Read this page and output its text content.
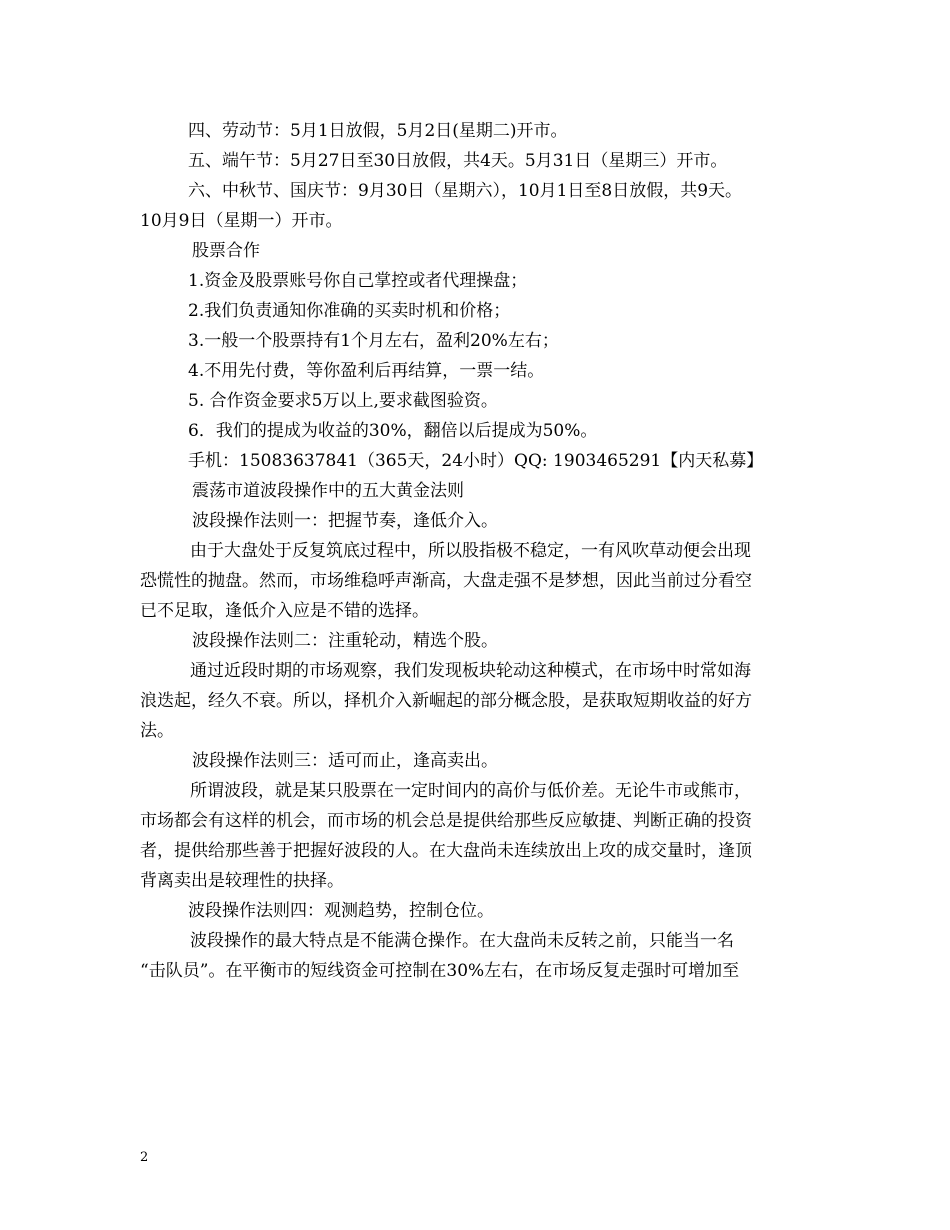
四、劳动节：5月1日放假，5月2日(星期二)开市。
五、端午节：5月27日至30日放假，共4天。5月31日（星期三）开市。
六、中秋节、国庆节：9月30日（星期六），10月1日至8日放假，共9天。
10月9日（星期一）开市。
股票合作
1.资金及股票账号你自己掌控或者代理操盘；
2.我们负责通知你准确的买卖时机和价格；
3.一般一个股票持有1个月左右，盈利20%左右；
4.不用先付费，等你盈利后再结算，一票一结。
5. 合作资金要求5万以上,要求截图验资。
6．我们的提成为收益的30%，翻倍以后提成为50%。
手机：15083637841（365天，24小时）QQ: 1903465291【内天私募】
震荡市道波段操作中的五大黄金法则
波段操作法则一：把握节奏，逢低介入。
由于大盘处于反复筑底过程中，所以股指极不稳定，一有风吹草动便会出现
恐慌性的抛盘。然而，市场维稳呼声渐高，大盘走强不是梦想，因此当前过分看空
已不足取，逢低介入应是不错的选择。
波段操作法则二：注重轮动，精选个股。
通过近段时期的市场观察，我们发现板块轮动这种模式，在市场中时常如海
浪迭起，经久不衰。所以，择机介入新崛起的部分概念股，是获取短期收益的好方
法。
波段操作法则三：适可而止，逢高卖出。
所谓波段，就是某只股票在一定时间内的高价与低价差。无论牛市或熊市，
市场都会有这样的机会，而市场的机会总是提供给那些反应敏捷、判断正确的投资
者，提供给那些善于把握好波段的人。在大盘尚未连续放出上攻的成交量时，逢顶
背离卖出是较理性的抉择。
波段操作法则四：观测趋势，控制仓位。
波段操作的最大特点是不能满仓操作。在大盘尚未反转之前，只能当一名
“击队员”。在平衡市的短线资金可控制在30%左右，在市场反复走强时可增加至
2
